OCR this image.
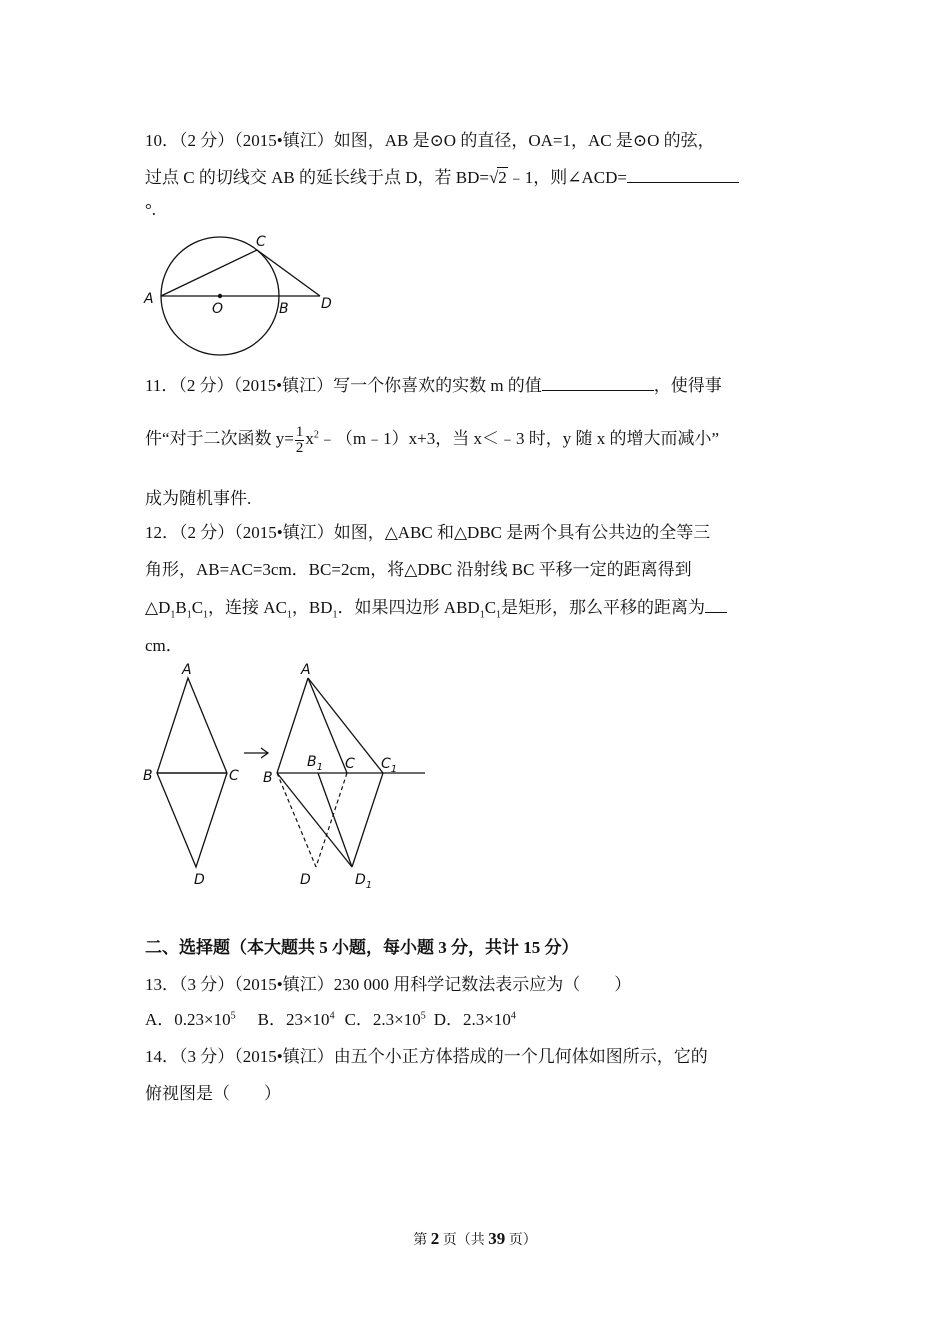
10．（2 分）（2015•镇江）如图，AB 是⊙O 的直径，OA=1，AC 是⊙O 的弦，
过点 C 的切线交 AB 的延长线于点 D，若 BD=√2﹣1，则∠ACD=
°.
A
O	B
C
D
11．（2 分）（2015•镇江）写一个你喜欢的实数 m 的值	，使得事
件“对于二次函数 $y= \frac{1}{2}$ $x^2﹣(m﹣1)x+3$，当 x＜﹣3 时，y 随 x 的增大而减小”
成为随机事件.
12．（2 分）（2015•镇江）如图，△ABC 和△DBC 是两个具有公共边的全等三
角形，AB=AC=3cm．BC=2cm，将△DBC 沿射线 BC 平移一定的距离得到
$\triangle D_1B_1C_1$，连接 $AC_1$，$BD_1$．如果四边形 $ABD_1C_1$是矩形，那么平移的距离为
cm．
A
B	C
D
A
B
$B_1$ C $C_1$
D	$D_1$
二、选择题（本大题共 5 小题，每小题 3 分，共计 15 分）
13．（3 分）（2015•镇江）230 000 用科学记数法表示应为（　　）
A．$0.23\times 10^5$ B．$23\times 10^4$ C．$2.3\times 10^5$ D．$2.3\times 10^4$
14．（3 分）（2015•镇江）由五个小正方体搭成的一个几何体如图所示，它的
俯视图是（　　）
第 2 页（共 39 页）
